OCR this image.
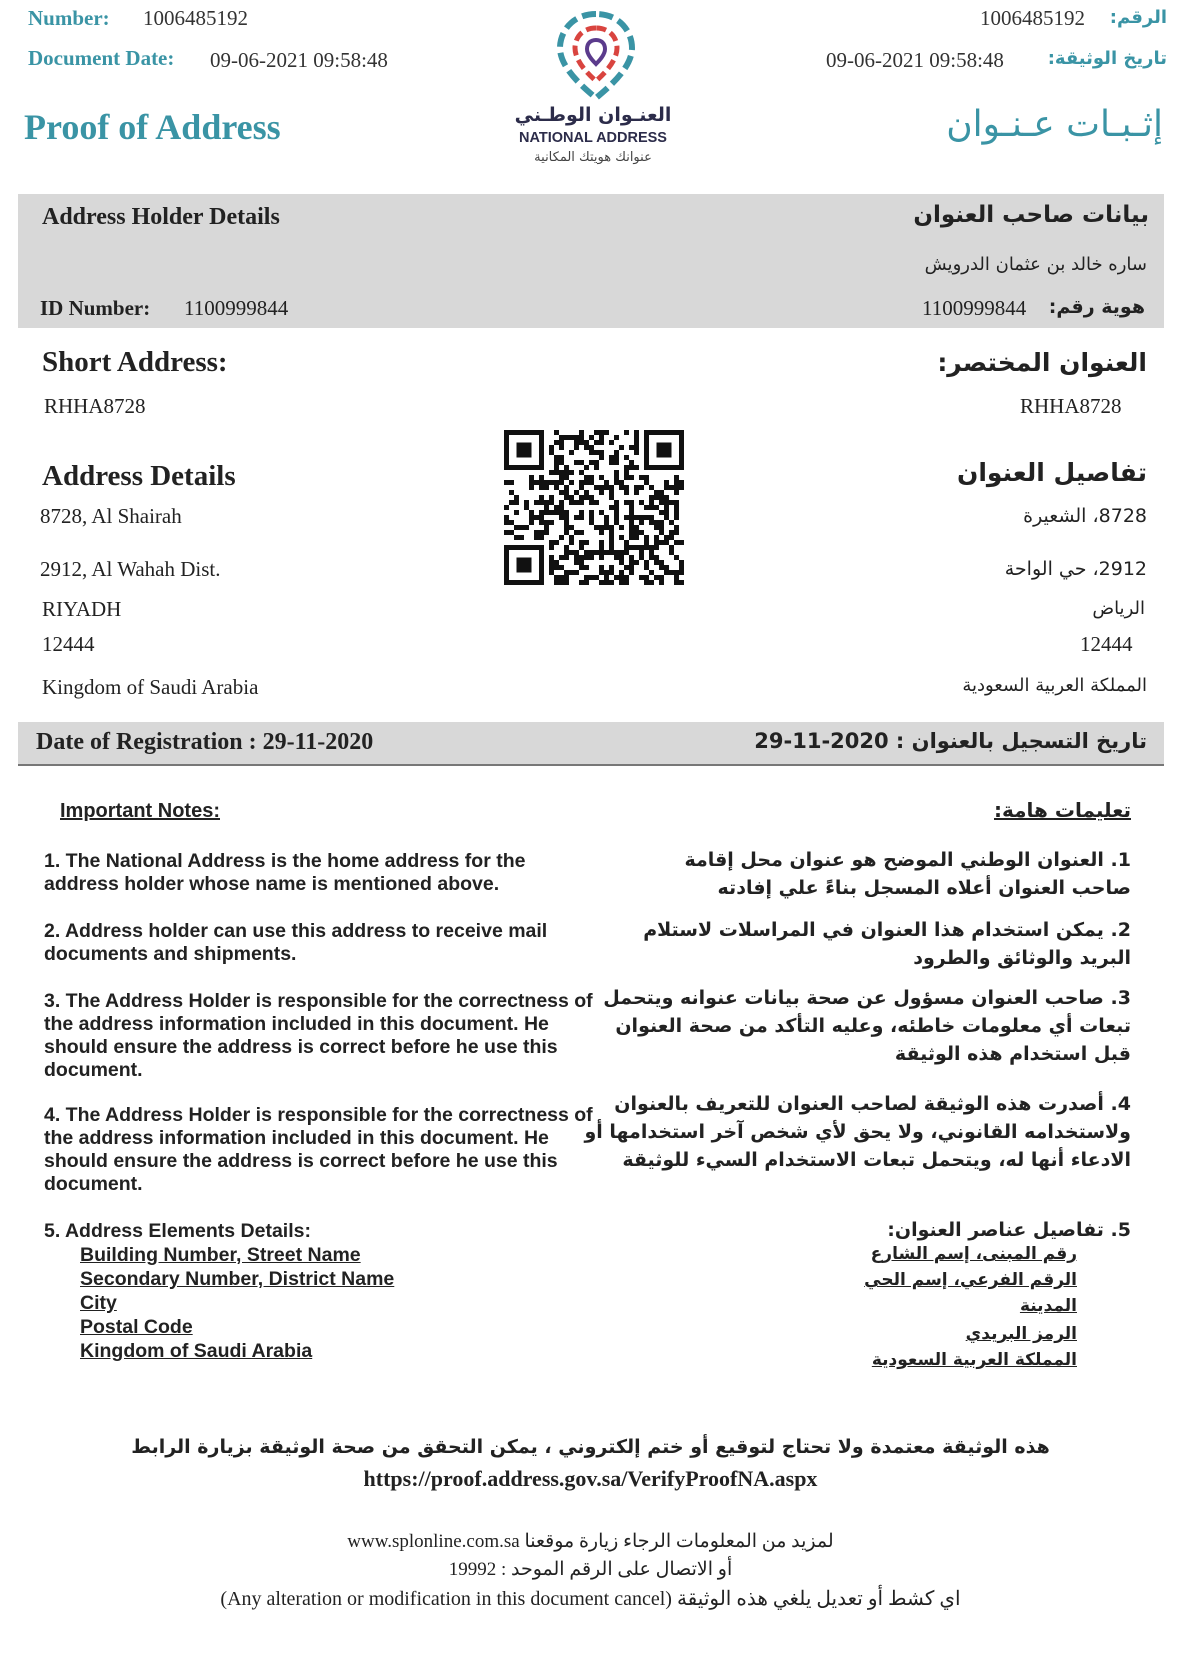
Number: 1006485192
Document Date: 09-06-2021 09:58:48
1006485192 الرقم:
09-06-2021 09:58:48 تاريخ الوثيقة:
Proof of Address	إثـبـات عـنـوان
العنـوان الوطـني
NATIONAL ADDRESS
عنوانك هويتك المكانية
Address Holder Details	بيانات صاحب العنوان
ساره خالد بن عثمان الدرويش
ID Number: 1100999844	1100999844 هوية رقم:
Short Address:	العنوان المختصر:
RHHA8728	RHHA8728
Address Details	تفاصيل العنوان
8728, Al Shairah	8728، الشعيرة
2912, Al Wahah Dist.	2912، حي الواحة
RIYADH	الرياض
12444	12444
Kingdom of Saudi Arabia	المملكة العربية السعودية
Date of Registration : 29-11-2020	تاريخ التسجيل بالعنوان : 2020-11-29
Important Notes:	تعليمات هامة:
1. The National Address is the home address for the address holder whose name is mentioned above.
2. Address holder can use this address to receive mail documents and shipments.
3. The Address Holder is responsible for the correctness of the address information included in this document. He should ensure the address is correct before he use this document.
4. The Address Holder is responsible for the correctness of the address information included in this document. He should ensure the address is correct before he use this document.
1. العنوان الوطني الموضح هو عنوان محل إقامة صاحب العنوان أعلاه المسجل بناءً علي إفادته
2. يمكن استخدام هذا العنوان في المراسلات لاستلام البريد والوثائق والطرود
3. صاحب العنوان مسؤول عن صحة بيانات عنوانه ويتحمل تبعات أي معلومات خاطئه، وعليه التأكد من صحة العنوان قبل استخدام هذه الوثيقة
4. أصدرت هذه الوثيقة لصاحب العنوان للتعريف بالعنوان ولاستخدامه القانوني، ولا يحق لأي شخص آخر استخدامها أو الادعاء أنها له، ويتحمل تبعات الاستخدام السيء للوثيقة
5. Address Elements Details:
Building Number, Street Name
Secondary Number, District Name
City
Postal Code
Kingdom of Saudi Arabia
5. تفاصيل عناصر العنوان:
رقم المبنى، إسم الشارع
الرقم الفرعي، إسم الحي
المدينة
الرمز البريدي
المملكة العربية السعودية
هذه الوثيقة معتمدة ولا تحتاج لتوقيع أو ختم إلكتروني ، يمكن التحقق من صحة الوثيقة بزيارة الرابط
https://proof.address.gov.sa/VerifyProofNA.aspx
www.splonline.com.sa لمزيد من المعلومات الرجاء زيارة موقعنا
أو الاتصال على الرقم الموحد : 19992
(Any alteration or modification in this document cancel) اي كشط أو تعديل يلغي هذه الوثيقة
